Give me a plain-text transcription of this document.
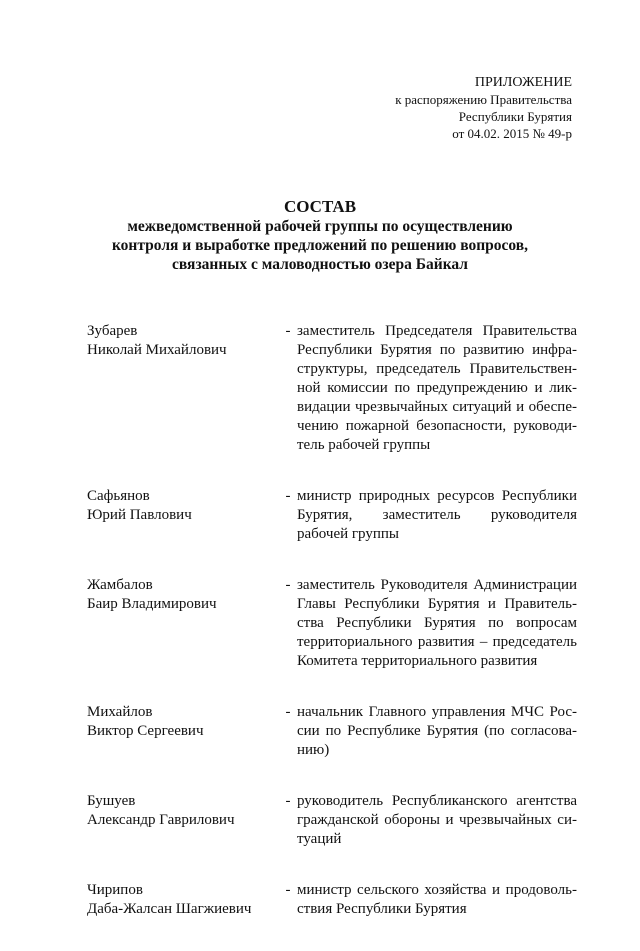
ПРИЛОЖЕНИЕ
к распоряжению Правительства
Республики Бурятия
от 04.02. 2015 № 49-р
СОСТАВ
межведомственной рабочей группы по осуществлению
контроля и выработке предложений по решению вопросов,
связанных с маловодностью озера Байкал
Зубарев
Николай Михайлович
- заместитель Председателя Правительства Республики Бурятия по развитию инфраструктуры, председатель Правительственной комиссии по предупреждению и ликвидации чрезвычайных ситуаций и обеспечению пожарной безопасности, руководитель рабочей группы
Сафьянов
Юрий Павлович
- министр природных ресурсов Республики Бурятия, заместитель руководителя рабочей группы
Жамбалов
Баир Владимирович
- заместитель Руководителя Администрации Главы Республики Бурятия и Правительства Республики Бурятия по вопросам территориального развития – председатель Комитета территориального развития
Михайлов
Виктор Сергеевич
- начальник Главного управления МЧС России по Республике Бурятия (по согласованию)
Бушуев
Александр Гаврилович
- руководитель Республиканского агентства гражданской обороны и чрезвычайных ситуаций
Чирипов
Даба-Жалсан Шагжиевич
- министр сельского хозяйства и продовольствия Республики Бурятия
